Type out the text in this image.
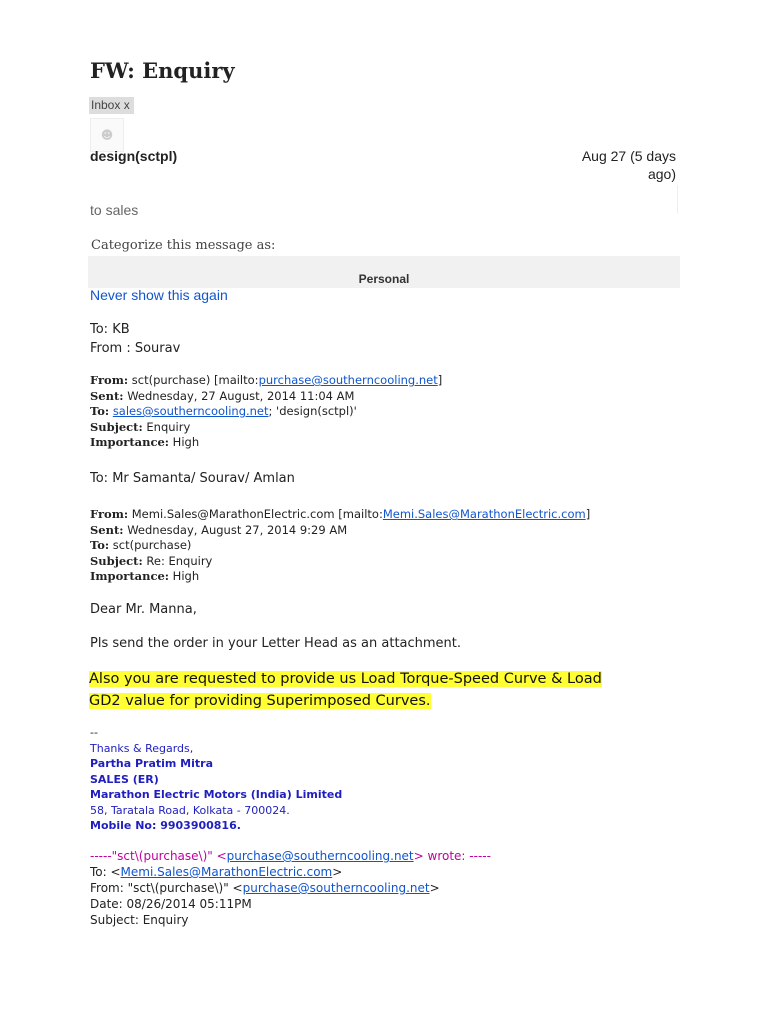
FW: Enquiry
Inbox x
☻
design(sctpl)	Aug 27 (5 days ago)
to sales
Categorize this message as:
Personal
Never show this again
To: KB
From : Sourav
From: sct(purchase) [mailto:purchase@southerncooling.net]
Sent: Wednesday, 27 August, 2014 11:04 AM
To: sales@southerncooling.net; 'design(sctpl)'
Subject: Enquiry
Importance: High
To: Mr Samanta/ Sourav/ Amlan
From: Memi.Sales@MarathonElectric.com [mailto:Memi.Sales@MarathonElectric.com]
Sent: Wednesday, August 27, 2014 9:29 AM
To: sct(purchase)
Subject: Re: Enquiry
Importance: High
Dear Mr. Manna,
Pls send the order in your Letter Head as an attachment.
Also you are requested to provide us Load Torque-Speed Curve & Load
GD2 value for providing Superimposed Curves.
--
Thanks & Regards,
Partha Pratim Mitra
SALES (ER)
Marathon Electric Motors (India) Limited
58, Taratala Road, Kolkata - 700024.
Mobile No: 9903900816.
-----"sct\(purchase\)" <purchase@southerncooling.net> wrote: -----
To: <Memi.Sales@MarathonElectric.com>
From: "sct\(purchase\)" <purchase@southerncooling.net>
Date: 08/26/2014 05:11PM
Subject: Enquiry
